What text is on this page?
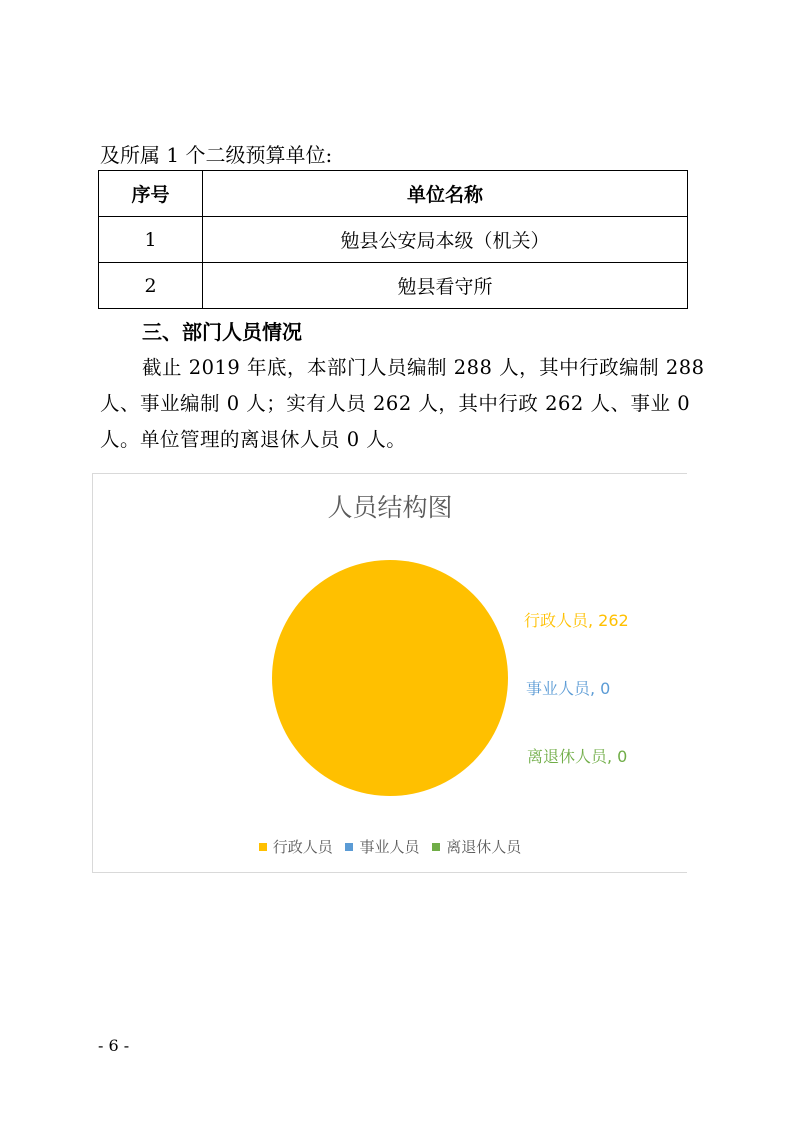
及所属 1 个二级预算单位:
序号	单位名称
1	勉县公安局本级（机关）
2	勉县看守所
三、部门人员情况
截止 2019 年底，本部门人员编制 288 人，其中行政编制 288
人、事业编制 0 人；实有人员 262 人，其中行政 262 人、事业 0
人。单位管理的离退休人员 0 人。
人员结构图
行政人员, 262
事业人员, 0
离退休人员, 0
行政人员 事业人员 离退休人员
- 6 -
